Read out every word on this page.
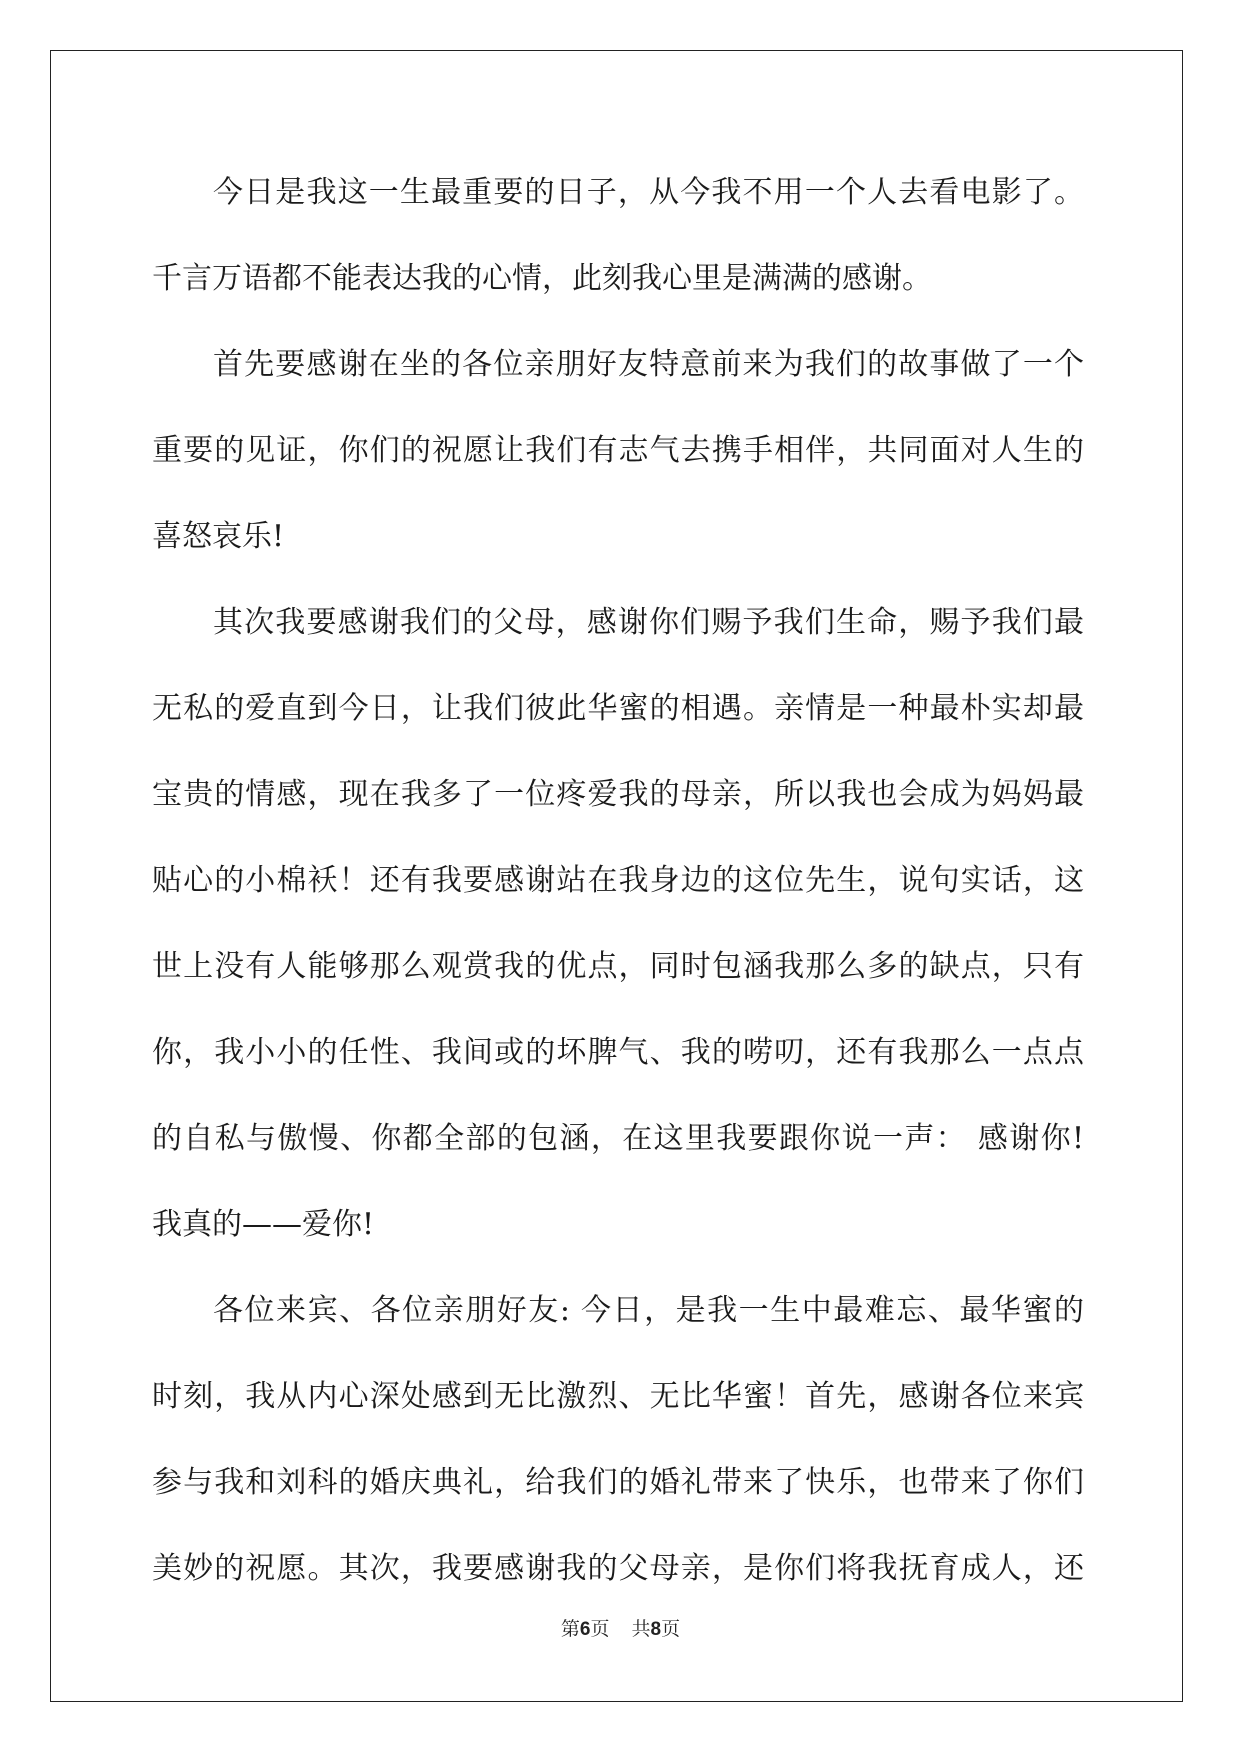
今日是我这一生最重要的日子，从今我不用一个人去看电影了。
千言万语都不能表达我的心情，此刻我心里是满满的感谢。
首先要感谢在坐的各位亲朋好友特意前来为我们的故事做了一个
重要的见证，你们的祝愿让我们有志气去携手相伴，共同面对人生的
喜怒哀乐!
其次我要感谢我们的父母，感谢你们赐予我们生命，赐予我们最
无私的爱直到今日，让我们彼此华蜜的相遇。亲情是一种最朴实却最
宝贵的情感，现在我多了一位疼爱我的母亲，所以我也会成为妈妈最
贴心的小棉袄！还有我要感谢站在我身边的这位先生，说句实话，这
世上没有人能够那么观赏我的优点，同时包涵我那么多的缺点，只有
你，我小小的任性、我间或的坏脾气、我的唠叨，还有我那么一点点
的自私与傲慢、你都全部的包涵，在这里我要跟你说一声： 感谢你!
我真的——爱你!
各位来宾、各位亲朋好友: 今日，是我一生中最难忘、最华蜜的
时刻，我从内心深处感到无比激烈、无比华蜜！首先，感谢各位来宾
参与我和刘科的婚庆典礼，给我们的婚礼带来了快乐，也带来了你们
美妙的祝愿。其次，我要感谢我的父母亲，是你们将我抚育成人，还
第6页 共8页
